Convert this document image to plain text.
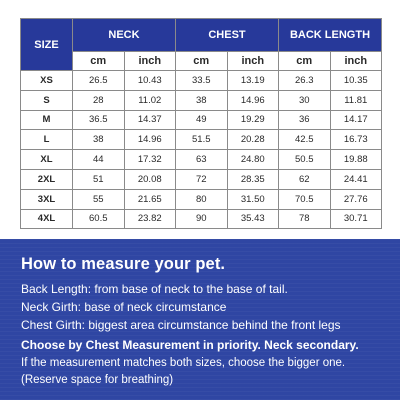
SIZE	NECK		CHEST		BACK LENGTH	
	cm	inch	cm	inch	cm	inch
XS	26.5	10.43	33.5	13.19	26.3	10.35
S	28	11.02	38	14.96	30	11.81
M	36.5	14.37	49	19.29	36	14.17
L	38	14.96	51.5	20.28	42.5	16.73
XL	44	17.32	63	24.80	50.5	19.88
2XL	51	20.08	72	28.35	62	24.41
3XL	55	21.65	80	31.50	70.5	27.76
4XL	60.5	23.82	90	35.43	78	30.71
How to measure your pet.
Back Length: from base of neck to the base of tail.
Neck Girth: base of neck circumstance
Chest Girth: biggest area circumstance behind the front legs
Choose by Chest Measurement in priority. Neck secondary.
If the measurement matches both sizes, choose the bigger one.
(Reserve space for breathing)
